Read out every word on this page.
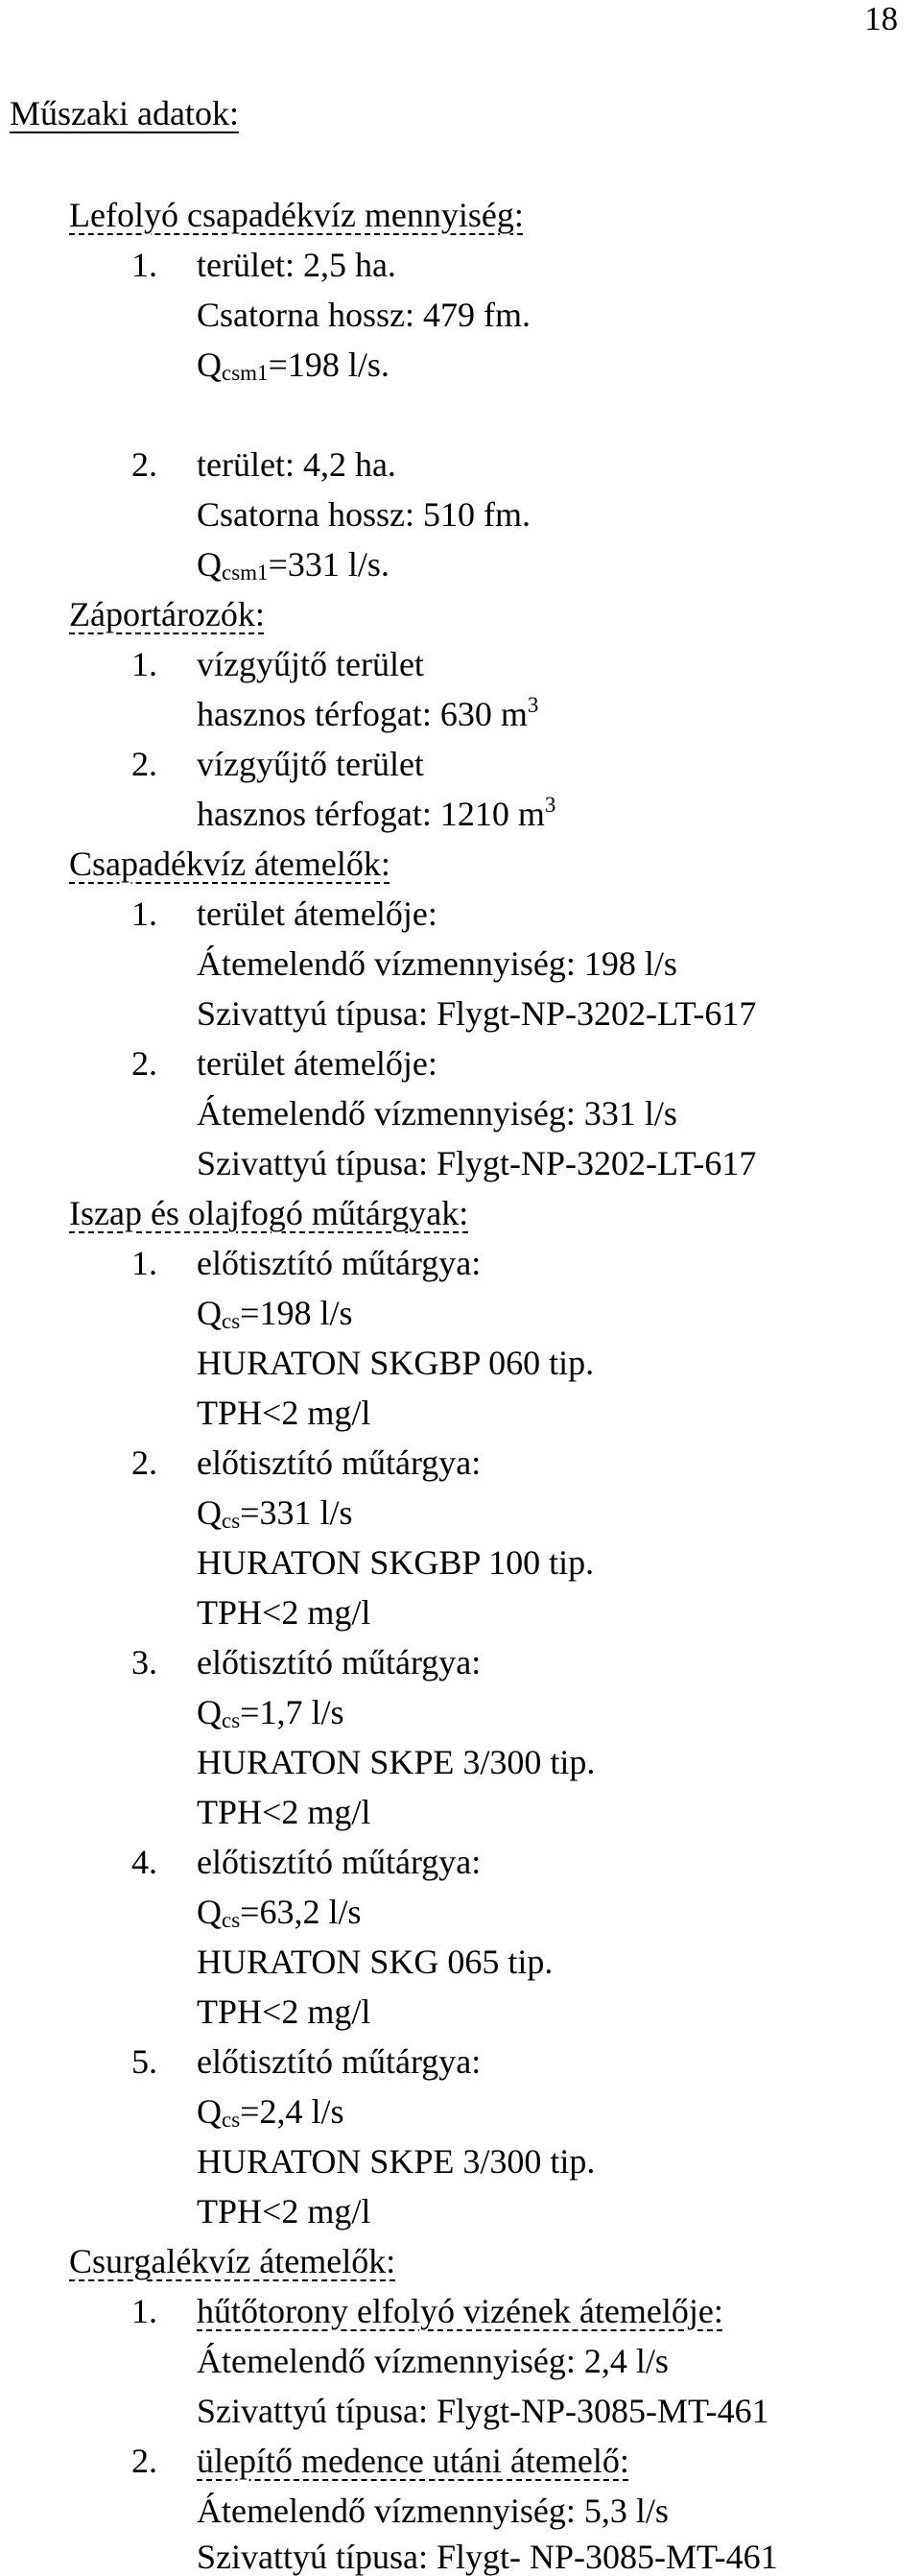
18
Műszaki adatok:
Lefolyó csapadékvíz mennyiség:
1. terület: 2,5 ha.
Csatorna hossz: 479 fm.
$Q_{csm1}=198$ l/s.
2. terület: 4,2 ha.
Csatorna hossz: 510 fm.
$Q_{csm1}=331$ l/s.
Záportározók:
1. vízgyűjtő terület
hasznos térfogat: 630 $m^3$
2. vízgyűjtő terület
hasznos térfogat: 1210 $m^3$
Csapadékvíz átemelők:
1. terület átemelője:
Átemelendő vízmennyiség: 198 l/s
Szivattyú típusa: Flygt-NP-3202-LT-617
2. terület átemelője:
Átemelendő vízmennyiség: 331 l/s
Szivattyú típusa: Flygt-NP-3202-LT-617
Iszap és olajfogó műtárgyak:
1. előtisztító műtárgya:
$Q_{cs}=198$ l/s
HURATON SKGBP 060 tip.
TPH<2 mg/l
2. előtisztító műtárgya:
$Q_{cs}=331$ l/s
HURATON SKGBP 100 tip.
TPH<2 mg/l
3. előtisztító műtárgya:
$Q_{cs}=1,7$ l/s
HURATON SKPE 3/300 tip.
TPH<2 mg/l
4. előtisztító műtárgya:
$Q_{cs}=63,2$ l/s
HURATON SKG 065 tip.
TPH<2 mg/l
5. előtisztító műtárgya:
$Q_{cs}=2,4$ l/s
HURATON SKPE 3/300 tip.
TPH<2 mg/l
Csurgalékvíz átemelők:
1. hűtőtorony elfolyó vizének átemelője:
Átemelendő vízmennyiség: 2,4 l/s
Szivattyú típusa: Flygt-NP-3085-MT-461
2. ülepítő medence utáni átemelő:
Átemelendő vízmennyiség: 5,3 l/s
Szivattyú típusa: Flygt- NP-3085-MT-461
